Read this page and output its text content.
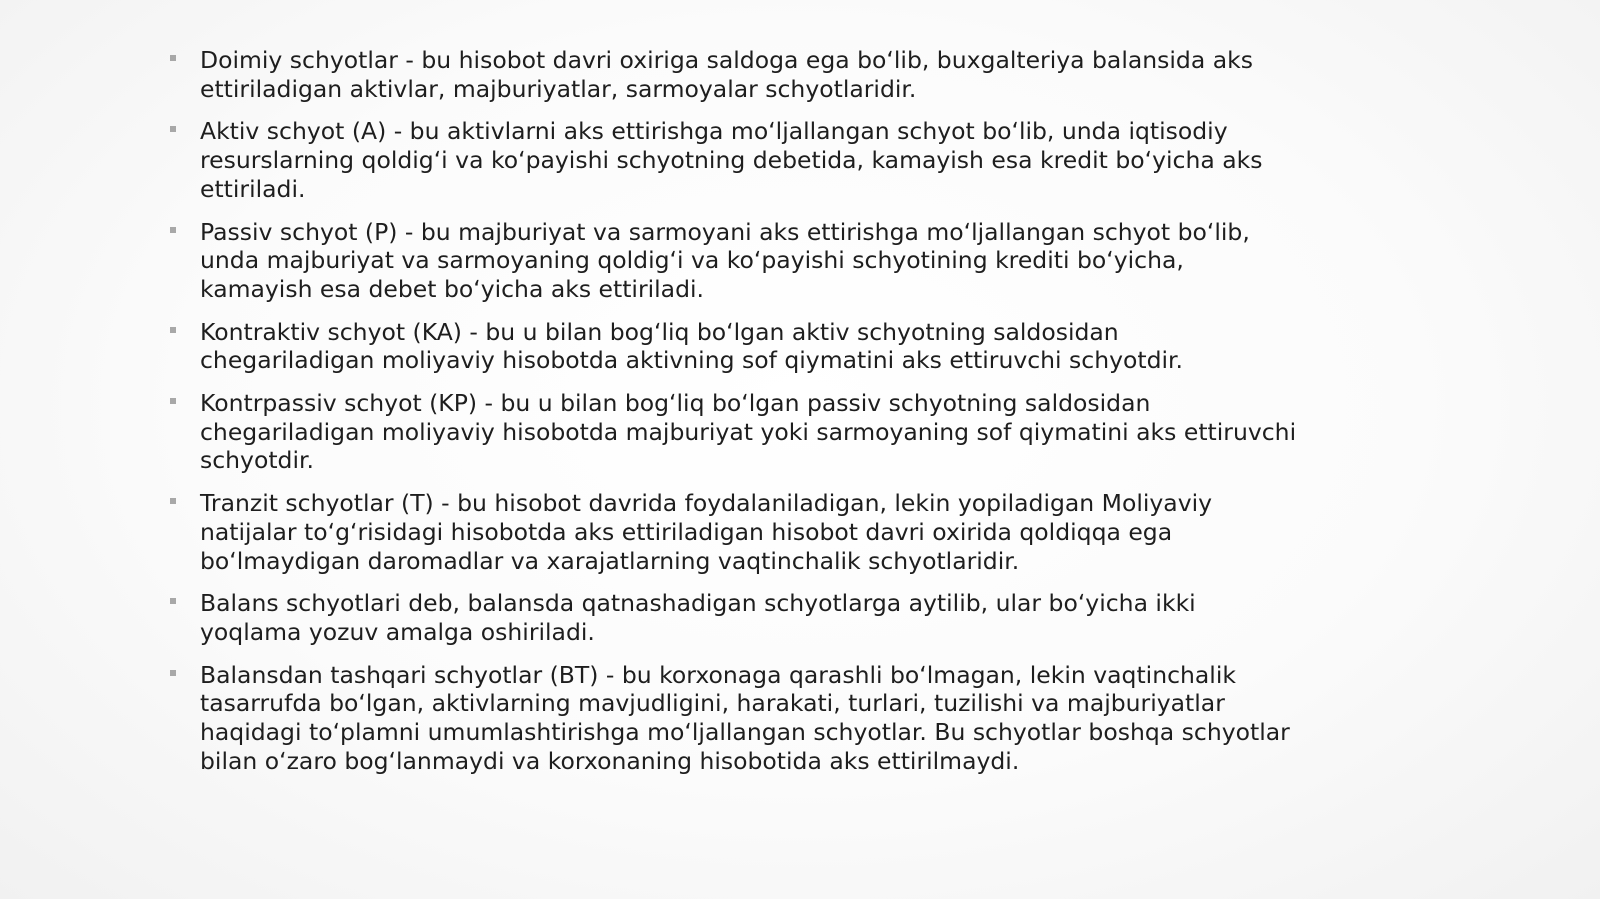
Doimiy schyotlar - bu hisobot davri oxiriga saldoga ega boʻlib, buxgalteriya balansida aks ettiriladigan aktivlar, majburiyatlar, sarmoyalar schyotlaridir.
Aktiv schyot (A) - bu aktivlarni aks ettirishga moʻljallangan schyot boʻlib, unda iqtisodiy resurslarning qoldigʻi va koʻpayishi schyotning debetida, kamayish esa kredit boʻyicha aks ettiriladi.
Passiv schyot (P) - bu majburiyat va sarmoyani aks ettirishga moʻljallangan schyot boʻlib, unda majburiyat va sarmoyaning qoldigʻi va koʻpayishi schyotining krediti boʻyicha, kamayish esa debet boʻyicha aks ettiriladi.
Kontraktiv schyot (KA) - bu u bilan bogʻliq boʻlgan aktiv schyotning saldosidan chegariladigan moliyaviy hisobotda aktivning sof qiymatini aks ettiruvchi schyotdir.
Kontrpassiv schyot (KP) - bu u bilan bogʻliq boʻlgan passiv schyotning saldosidan chegariladigan moliyaviy hisobotda majburiyat yoki sarmoyaning sof qiymatini aks ettiruvchi schyotdir.
Tranzit schyotlar (T) - bu hisobot davrida foydalaniladigan, lekin yopiladigan Moliyaviy natijalar toʻgʻrisidagi hisobotda aks ettiriladigan hisobot davri oxirida qoldiqqa ega boʻlmaydigan daromadlar va xarajatlarning vaqtinchalik schyotlaridir.
Balans schyotlari deb, balansda qatnashadigan schyotlarga aytilib, ular boʻyicha ikki yoqlama yozuv amalga oshiriladi.
Balansdan tashqari schyotlar (BT) - bu korxonaga qarashli boʻlmagan, lekin vaqtinchalik tasarrufda boʻlgan, aktivlarning mavjudligini, harakati, turlari, tuzilishi va majburiyatlar haqidagi toʻplamni umumlashtirishga moʻljallangan schyotlar. Bu schyotlar boshqa schyotlar bilan oʻzaro bogʻlanmaydi va korxonaning hisobotida aks ettirilmaydi.
